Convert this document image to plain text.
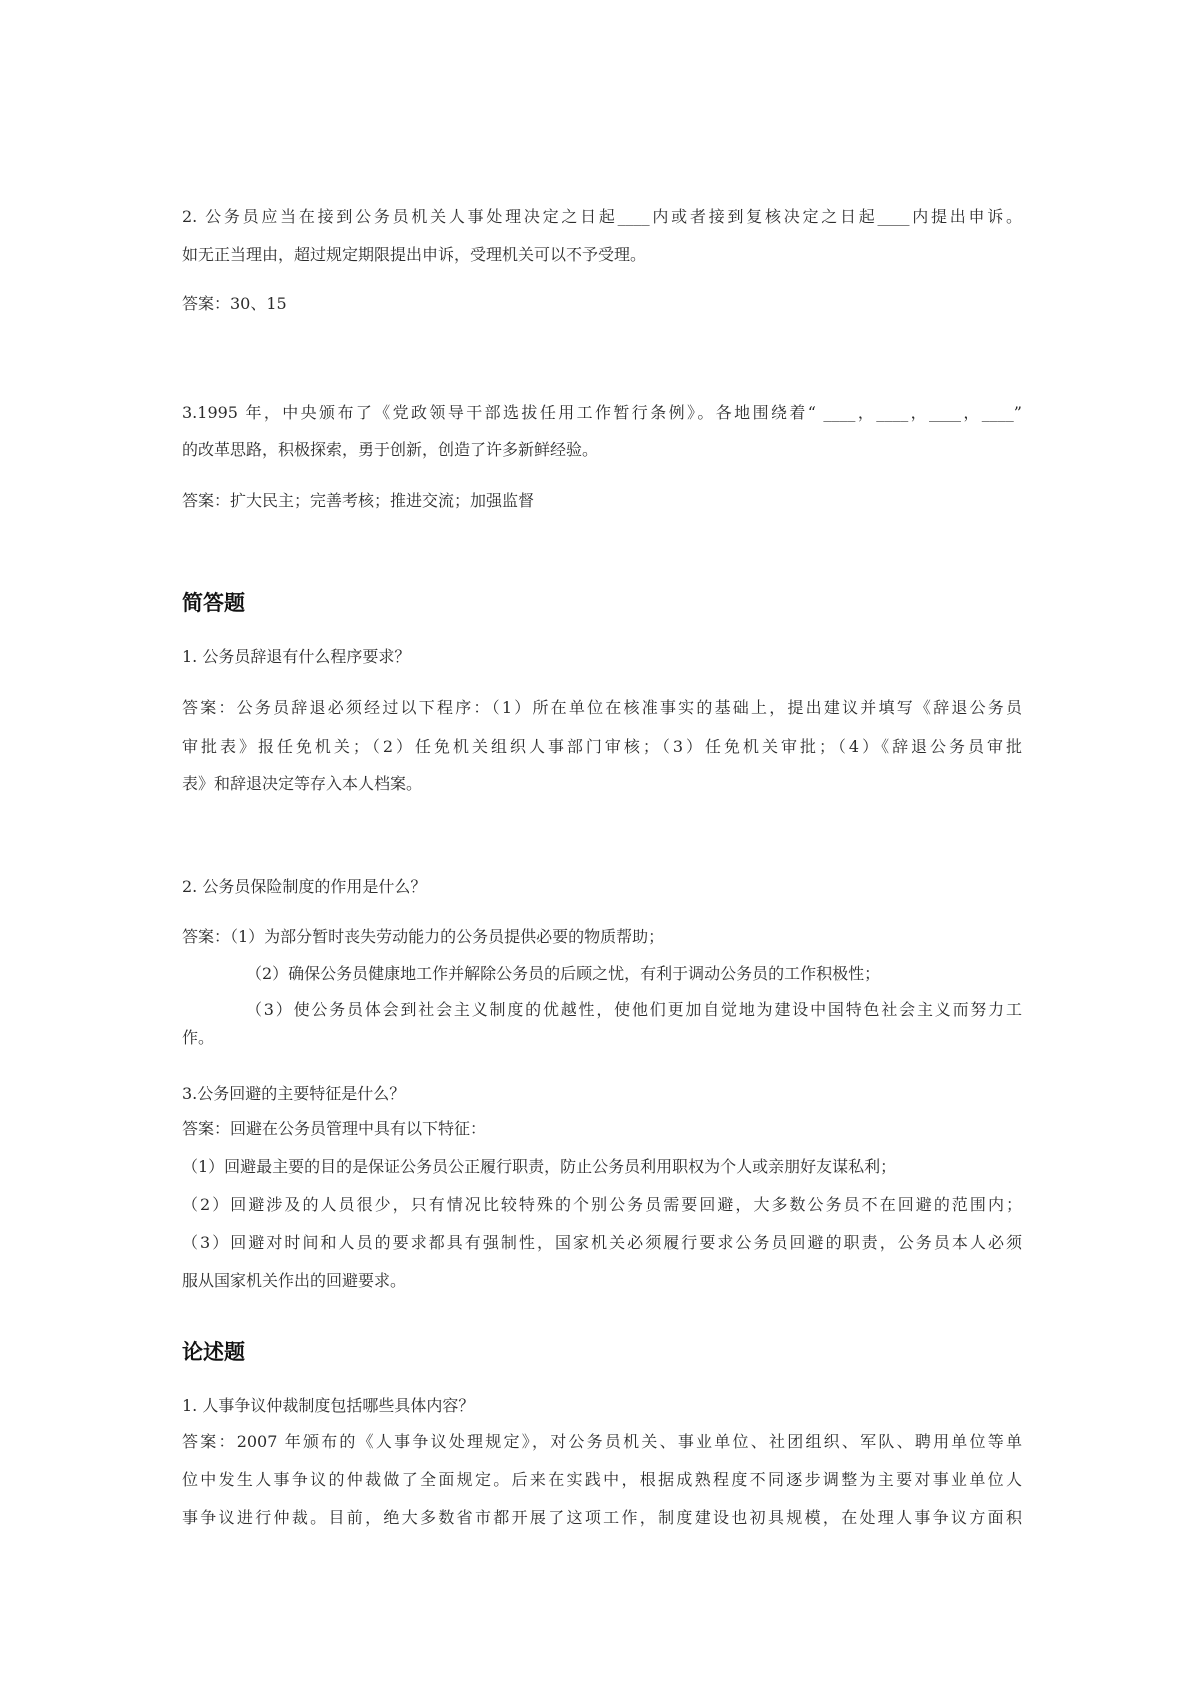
2. 公务员应当在接到公务员机关人事处理决定之日起____内或者接到复核决定之日起____内提出申诉。
如无正当理由，超过规定期限提出申诉，受理机关可以不予受理。
答案：30、15
3.1995 年，中央颁布了《党政领导干部选拔任用工作暂行条例》。各地围绕着“ ____，____，____，____”
的改革思路，积极探索，勇于创新，创造了许多新鲜经验。
答案：扩大民主；完善考核；推进交流；加强监督
简答题
1. 公务员辞退有什么程序要求？
答案：公务员辞退必须经过以下程序：（1）所在单位在核准事实的基础上，提出建议并填写《辞退公务员
审批表》报任免机关；（2）任免机关组织人事部门审核；（3）任免机关审批；（4）《辞退公务员审批
表》和辞退决定等存入本人档案。
2. 公务员保险制度的作用是什么？
答案：（1）为部分暂时丧失劳动能力的公务员提供必要的物质帮助；
（2）确保公务员健康地工作并解除公务员的后顾之忧，有利于调动公务员的工作积极性；
（3）使公务员体会到社会主义制度的优越性，使他们更加自觉地为建设中国特色社会主义而努力工
作。
3.公务回避的主要特征是什么？
答案：回避在公务员管理中具有以下特征：
（1）回避最主要的目的是保证公务员公正履行职责，防止公务员利用职权为个人或亲朋好友谋私利；
（2）回避涉及的人员很少，只有情况比较特殊的个别公务员需要回避，大多数公务员不在回避的范围内；
（3）回避对时间和人员的要求都具有强制性，国家机关必须履行要求公务员回避的职责，公务员本人必须
服从国家机关作出的回避要求。
论述题
1. 人事争议仲裁制度包括哪些具体内容？
答案：2007 年颁布的《人事争议处理规定》，对公务员机关、事业单位、社团组织、军队、聘用单位等单
位中发生人事争议的仲裁做了全面规定。后来在实践中，根据成熟程度不同逐步调整为主要对事业单位人
事争议进行仲裁。目前，绝大多数省市都开展了这项工作，制度建设也初具规模，在处理人事争议方面积
